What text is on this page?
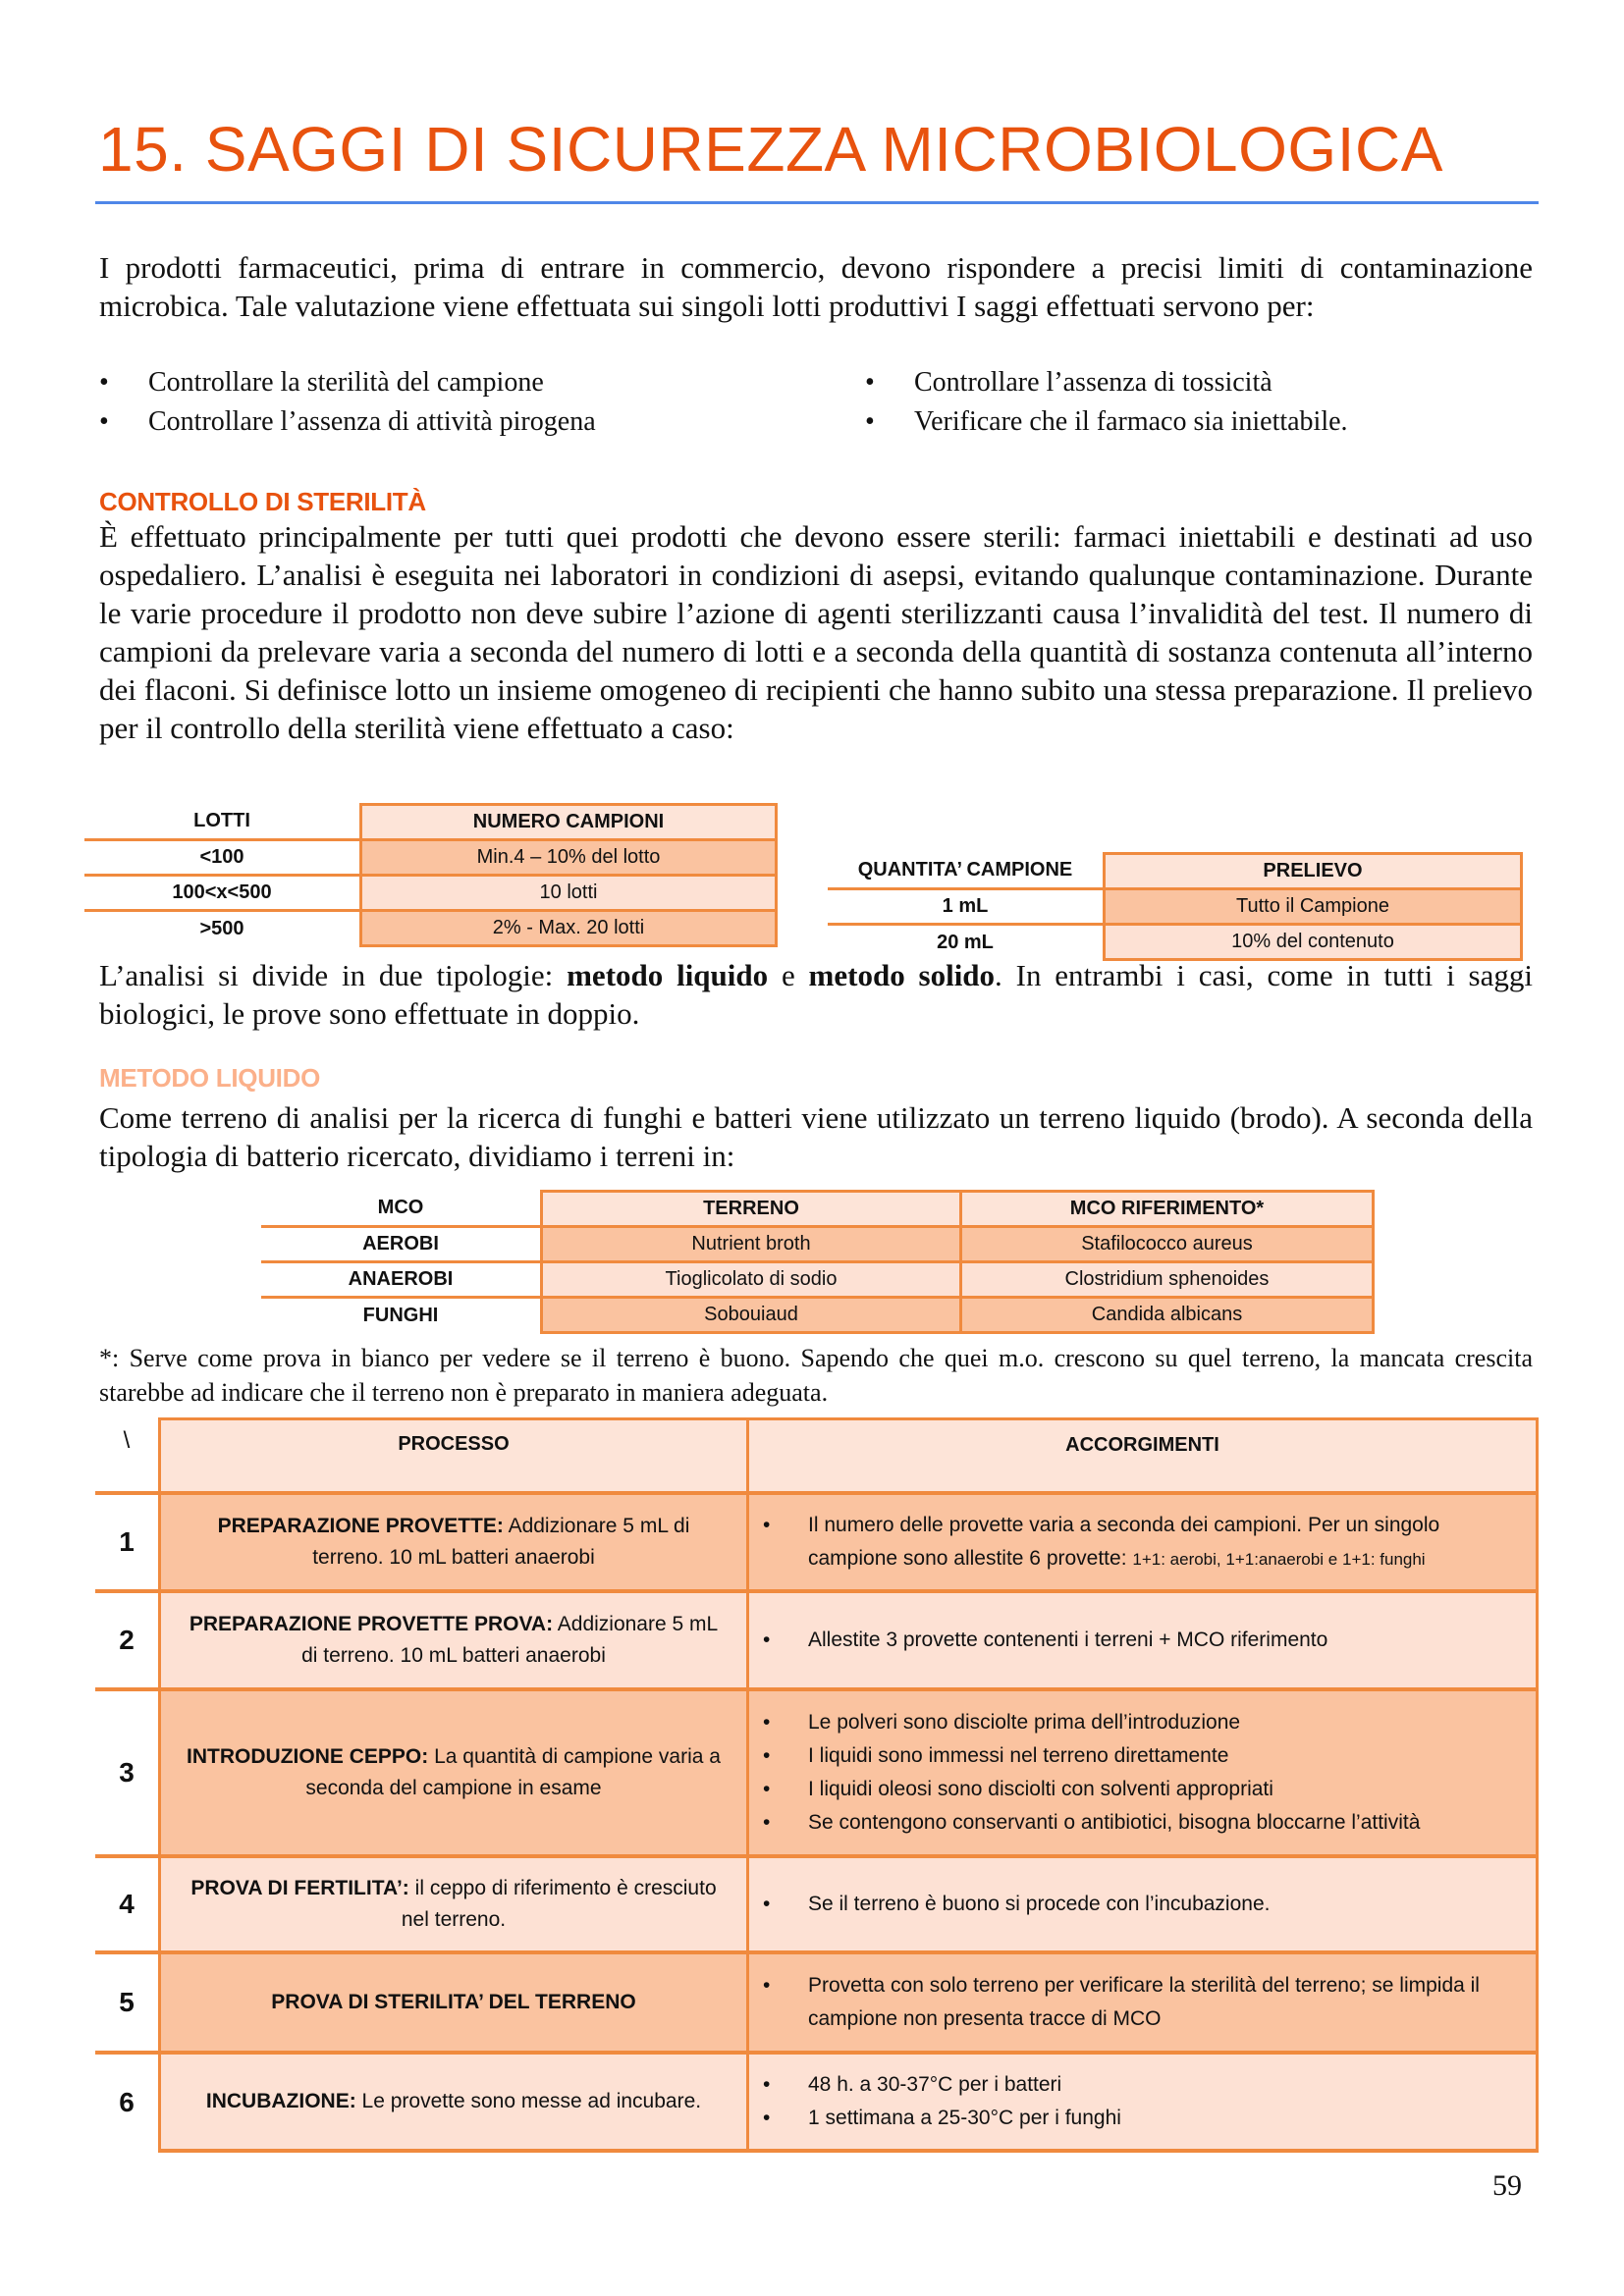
15. SAGGI DI SICUREZZA MICROBIOLOGICA
I prodotti farmaceutici, prima di entrare in commercio, devono rispondere a precisi limiti di contaminazione microbica. Tale valutazione viene effettuata sui singoli lotti produttivi I saggi effettuati servono per:
•	Controllare la sterilità del campione
•	Controllare l’assenza di attività pirogena
•	Controllare l’assenza di tossicità
•	Verificare che il farmaco sia iniettabile.
CONTROLLO DI STERILITÀ
È effettuato principalmente per tutti quei prodotti che devono essere sterili: farmaci iniettabili e destinati ad uso ospedaliero. L’analisi è eseguita nei laboratori in condizioni di asepsi, evitando qualunque contaminazione. Durante le varie procedure il prodotto non deve subire l’azione di agenti sterilizzanti causa l’invalidità del test. Il numero di campioni da prelevare varia a seconda del numero di lotti e a seconda della quantità di sostanza contenuta all’interno dei flaconi. Si definisce lotto un insieme omogeneo di recipienti che hanno subito una stessa preparazione. Il prelievo per il controllo della sterilità viene effettuato a caso:
LOTTI	NUMERO CAMPIONI
<100	Min.4 – 10% del lotto
100<x<500	10 lotti
>500	2% - Max. 20 lotti
QUANTITA’ CAMPIONE	PRELIEVO
1 mL	Tutto il Campione
20 mL	10% del contenuto
L’analisi si divide in due tipologie: metodo liquido e metodo solido. In entrambi i casi, come in tutti i saggi biologici, le prove sono effettuate in doppio.
METODO LIQUIDO
Come terreno di analisi per la ricerca di funghi e batteri viene utilizzato un terreno liquido (brodo). A seconda della tipologia di batterio ricercato, dividiamo i terreni in:
MCO	TERRENO	MCO RIFERIMENTO*
AEROBI	Nutrient broth	Stafilococco aureus
ANAEROBI	Tioglicolato di sodio	Clostridium sphenoides
FUNGHI	Sobouiaud	Candida albicans
*: Serve come prova in bianco per vedere se il terreno è buono. Sapendo che quei m.o. crescono su quel terreno, la mancata crescita starebbe ad indicare che il terreno non è preparato in maniera adeguata.
\	PROCESSO	ACCORGIMENTI
1	PREPARAZIONE PROVETTE: Addizionare 5 mL di terreno. 10 mL batteri anaerobi	
•	Il numero delle provette varia a seconda dei campioni. Per un singolo campione sono allestite 6 provette: 1+1: aerobi, 1+1:anaerobi e 1+1: funghi

2	PREPARAZIONE PROVETTE PROVA: Addizionare 5 mL di terreno. 10 mL batteri anaerobi	
•	Allestite 3 provette contenenti i terreni + MCO riferimento

3	INTRODUZIONE CEPPO: La quantità di campione varia a seconda del campione in esame	
•	Le polveri sono disciolte prima dell’introduzione
•	I liquidi sono immessi nel terreno direttamente
•	I liquidi oleosi sono disciolti con solventi appropriati
•	Se contengono conservanti o antibiotici, bisogna bloccarne l’attività

4	PROVA DI FERTILITA’: il ceppo di riferimento è cresciuto nel terreno.	
•	Se il terreno è buono si procede con l’incubazione.

5	PROVA DI STERILITA’ DEL TERRENO	
•	Provetta con solo terreno per verificare la sterilità del terreno; se limpida il campione non presenta tracce di MCO

6	INCUBAZIONE: Le provette sono messe ad incubare.	
•	48 h. a 30-37°C per i batteri
•	1 settimana a 25-30°C per i funghi
59
